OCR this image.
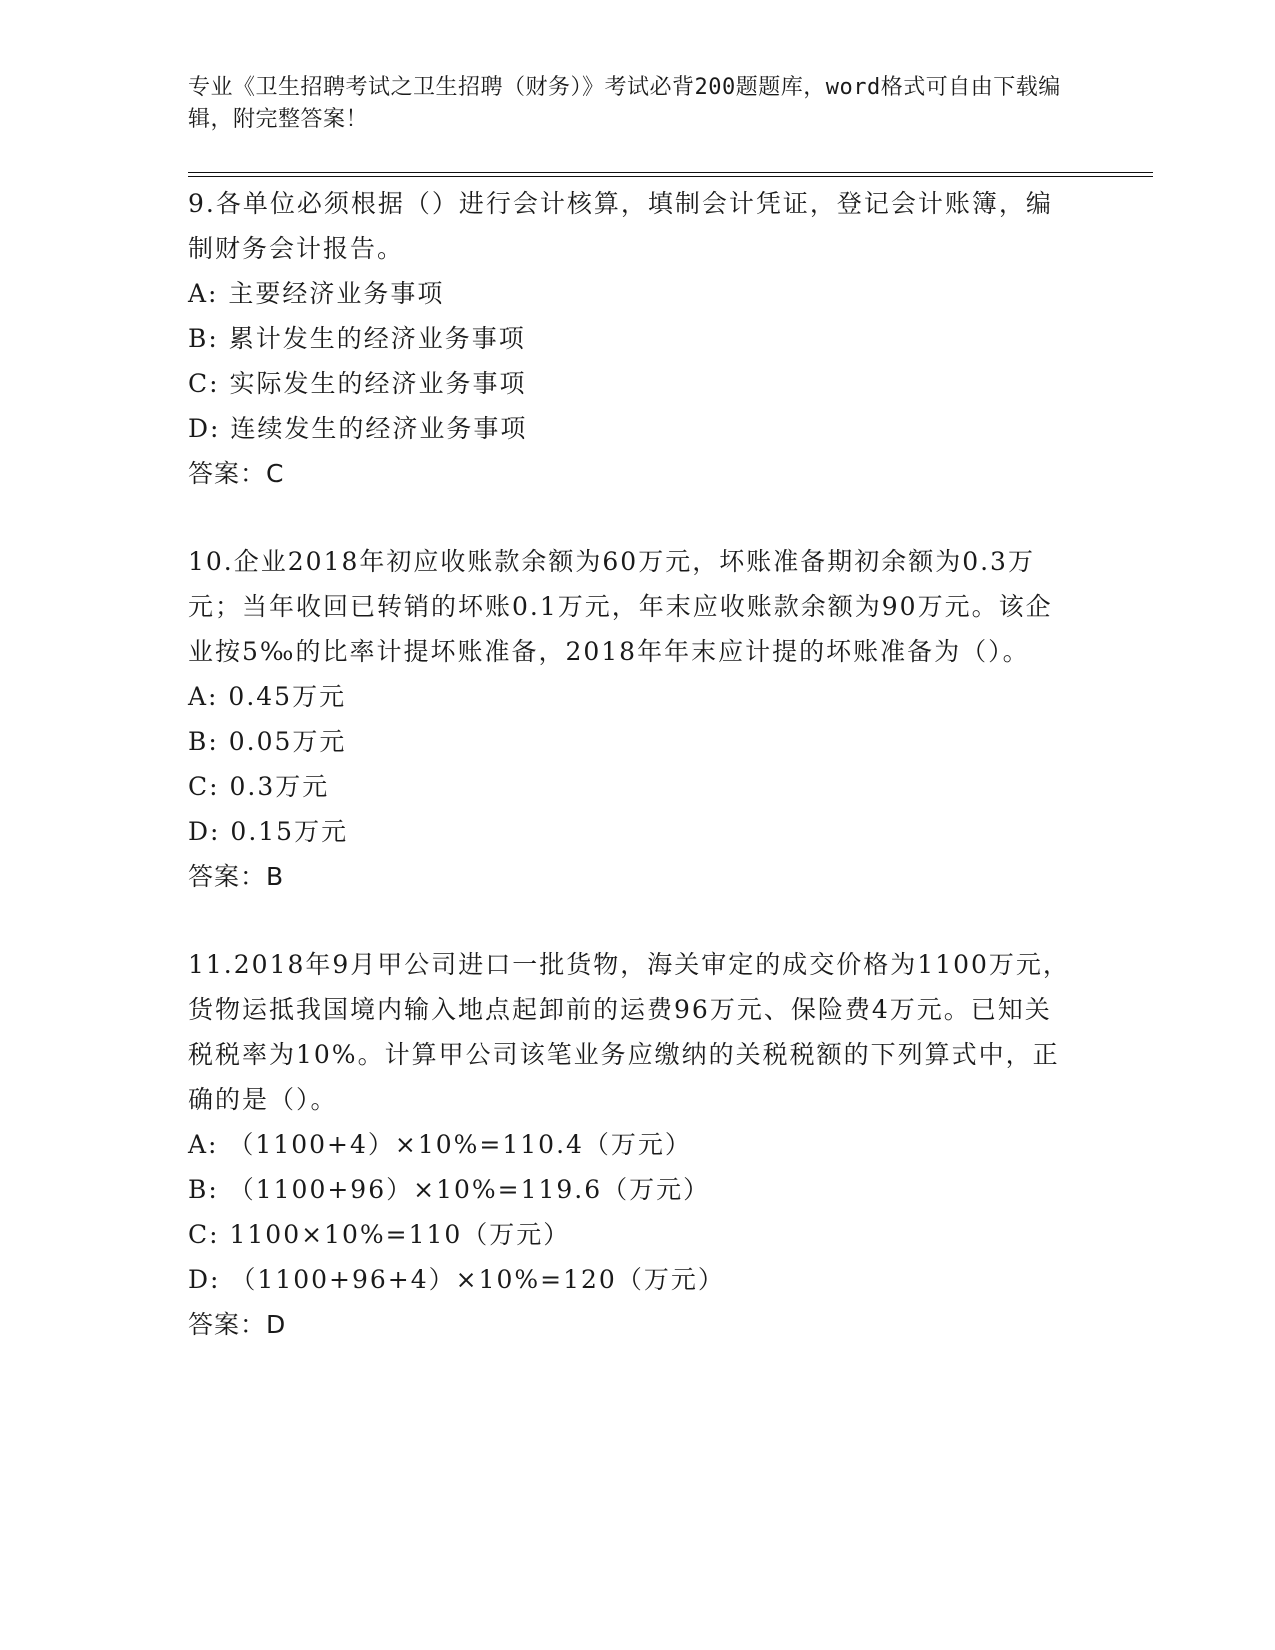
专业《卫生招聘考试之卫生招聘（财务）》考试必背200题题库，word格式可自由下载编辑，附完整答案！

9.各单位必须根据（）进行会计核算，填制会计凭证，登记会计账簿，编制财务会计报告。

A: 主要经济业务事项

B: 累计发生的经济业务事项

C: 实际发生的经济业务事项

D: 连续发生的经济业务事项

答案：C

10.企业2018年初应收账款余额为60万元，坏账准备期初余额为0.3万元；当年收回已转销的坏账0.1万元，年末应收账款余额为90万元。该企业按5‰的比率计提坏账准备，2018年年末应计提的坏账准备为（）。

A: 0.45万元

B: 0.05万元

C: 0.3万元

D: 0.15万元

答案：B

11.2018年9月甲公司进口一批货物，海关审定的成交价格为1100万元，货物运抵我国境内输入地点起卸前的运费96万元、保险费4万元。已知关税税率为10%。计算甲公司该笔业务应缴纳的关税税额的下列算式中，正确的是（）。

A: （1100+4）×10%=110.4（万元）

B: （1100+96）×10%=119.6（万元）

C: 1100×10%=110（万元）

D: （1100+96+4）×10%=120（万元）

答案：D
